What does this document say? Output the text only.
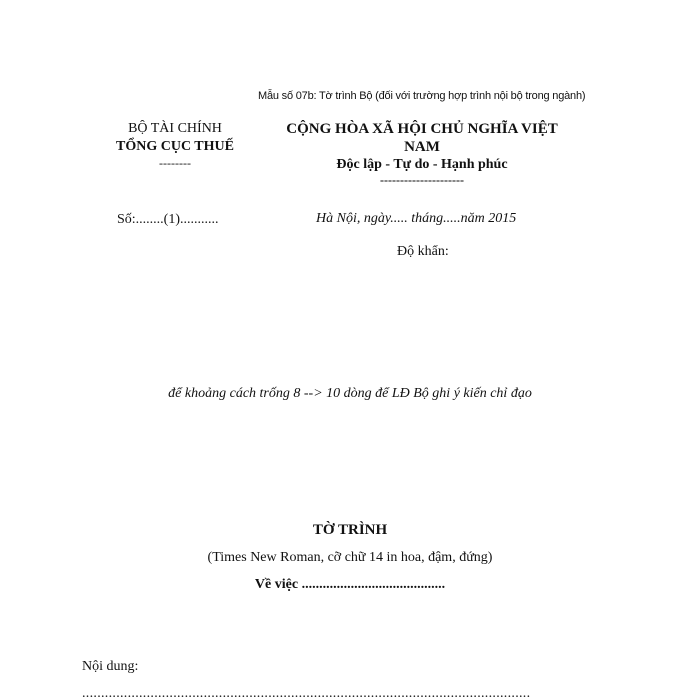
Mẫu số 07b: Tờ trình Bộ (đối với trường hợp trình nội bộ trong ngành)
BỘ TÀI CHÍNH
TỔNG CỤC THUẾ
--------
CỘNG HÒA XÃ HỘI CHỦ NGHĨA VIỆT
NAM
Độc lập - Tự do - Hạnh phúc
---------------------
Số:........(1)...........	Hà Nội, ngày..... tháng.....năm 2015
Độ khẩn:
để khoảng cách trống 8 --> 10 dòng để LĐ Bộ ghi ý kiến chỉ đạo
TỜ TRÌNH
(Times New Roman, cỡ chữ 14 in hoa, đậm, đứng)
Về việc .........................................
Nội dung:
......................................................................................................................
